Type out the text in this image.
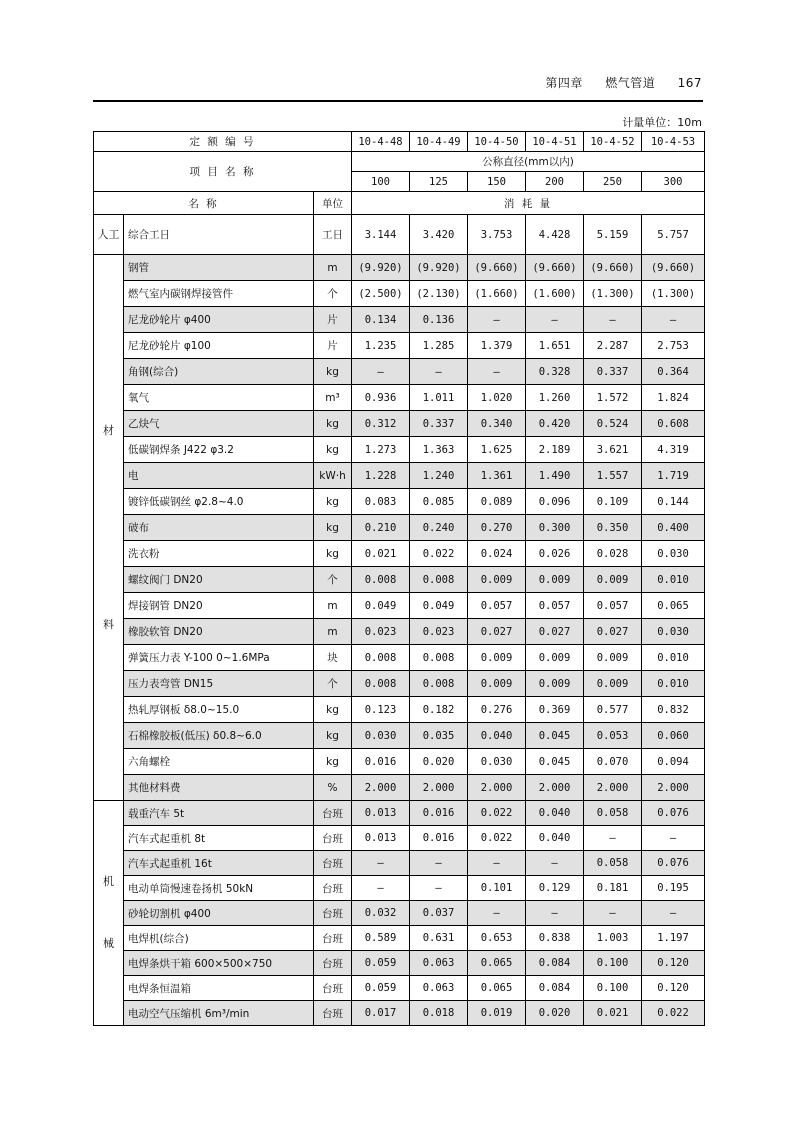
第四章 燃气管道 167
计量单位：10m
定 额 编 号			10-4-48	10-4-49	10-4-50	10-4-51	10-4-52	10-4-53
项 目 名 称			公称直径(mm以内)					
			100	125	150	200	250	300
名 称		单位	消 耗 量					
人工	综合工日	工日	3.144	3.420	3.753	4.428	5.159	5.757

材
料	钢管	m	(9.920)	(9.920)	(9.660)	(9.660)	(9.660)	(9.660)
	燃气室内碳钢焊接管件	个	(2.500)	(2.130)	(1.660)	(1.600)	(1.300)	(1.300)
	尼龙砂轮片 φ400	片	0.134	0.136	—	—	—	—
	尼龙砂轮片 φ100	片	1.235	1.285	1.379	1.651	2.287	2.753
	角钢(综合)	kg	—	—	—	0.328	0.337	0.364
	氧气	m³	0.936	1.011	1.020	1.260	1.572	1.824
	乙炔气	kg	0.312	0.337	0.340	0.420	0.524	0.608
	低碳钢焊条 J422 φ3.2	kg	1.273	1.363	1.625	2.189	3.621	4.319
	电	kW·h	1.228	1.240	1.361	1.490	1.557	1.719
	镀锌低碳钢丝 φ2.8~4.0	kg	0.083	0.085	0.089	0.096	0.109	0.144
	破布	kg	0.210	0.240	0.270	0.300	0.350	0.400
	洗衣粉	kg	0.021	0.022	0.024	0.026	0.028	0.030
	螺纹阀门 DN20	个	0.008	0.008	0.009	0.009	0.009	0.010
	焊接钢管 DN20	m	0.049	0.049	0.057	0.057	0.057	0.065
	橡胶软管 DN20	m	0.023	0.023	0.027	0.027	0.027	0.030
	弹簧压力表 Y-100 0~1.6MPa	块	0.008	0.008	0.009	0.009	0.009	0.010
	压力表弯管 DN15	个	0.008	0.008	0.009	0.009	0.009	0.010
	热轧厚钢板 δ8.0~15.0	kg	0.123	0.182	0.276	0.369	0.577	0.832
	石棉橡胶板(低压) δ0.8~6.0	kg	0.030	0.035	0.040	0.045	0.053	0.060
	六角螺栓	kg	0.016	0.020	0.030	0.045	0.070	0.094
	其他材料费	%	2.000	2.000	2.000	2.000	2.000	2.000

机
械	载重汽车 5t	台班	0.013	0.016	0.022	0.040	0.058	0.076
	汽车式起重机 8t	台班	0.013	0.016	0.022	0.040	—	—
	汽车式起重机 16t	台班	—	—	—	—	0.058	0.076
	电动单筒慢速卷扬机 50kN	台班	—	—	0.101	0.129	0.181	0.195
	砂轮切割机 φ400	台班	0.032	0.037	—	—	—	—
	电焊机(综合)	台班	0.589	0.631	0.653	0.838	1.003	1.197
	电焊条烘干箱 600×500×750	台班	0.059	0.063	0.065	0.084	0.100	0.120
	电焊条恒温箱	台班	0.059	0.063	0.065	0.084	0.100	0.120
	电动空气压缩机 6m³/min	台班	0.017	0.018	0.019	0.020	0.021	0.022
